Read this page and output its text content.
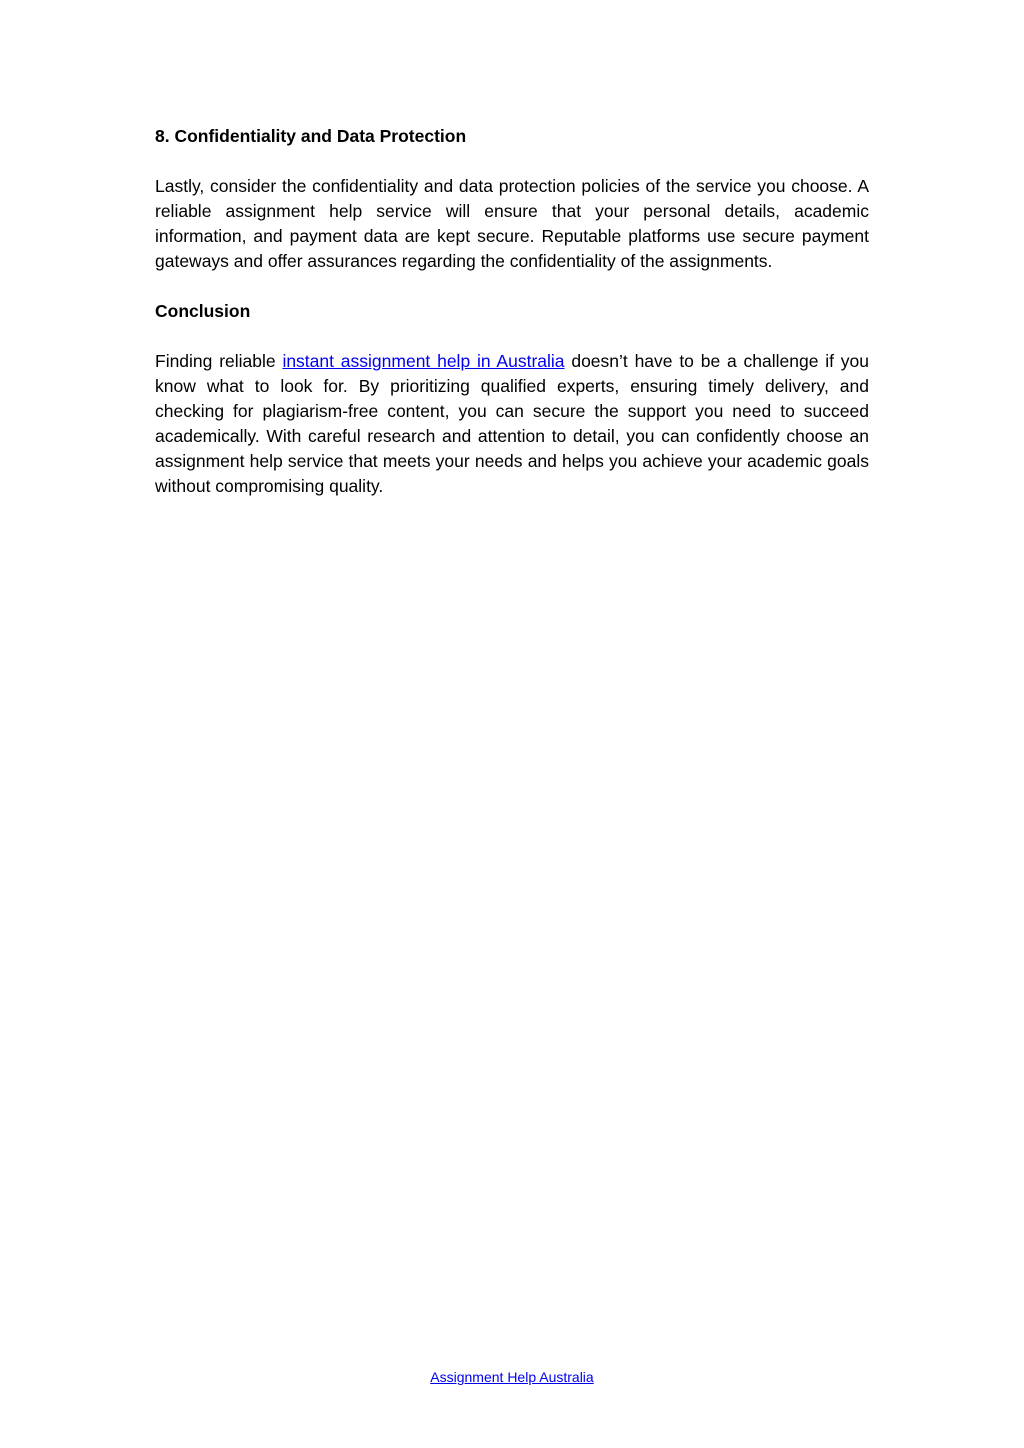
8. Confidentiality and Data Protection
Lastly, consider the confidentiality and data protection policies of the service you choose. A reliable assignment help service will ensure that your personal details, academic information, and payment data are kept secure. Reputable platforms use secure payment gateways and offer assurances regarding the confidentiality of the assignments.
Conclusion
Finding reliable instant assignment help in Australia doesn’t have to be a challenge if you know what to look for. By prioritizing qualified experts, ensuring timely delivery, and checking for plagiarism-free content, you can secure the support you need to succeed academically. With careful research and attention to detail, you can confidently choose an assignment help service that meets your needs and helps you achieve your academic goals without compromising quality.
Assignment Help Australia
